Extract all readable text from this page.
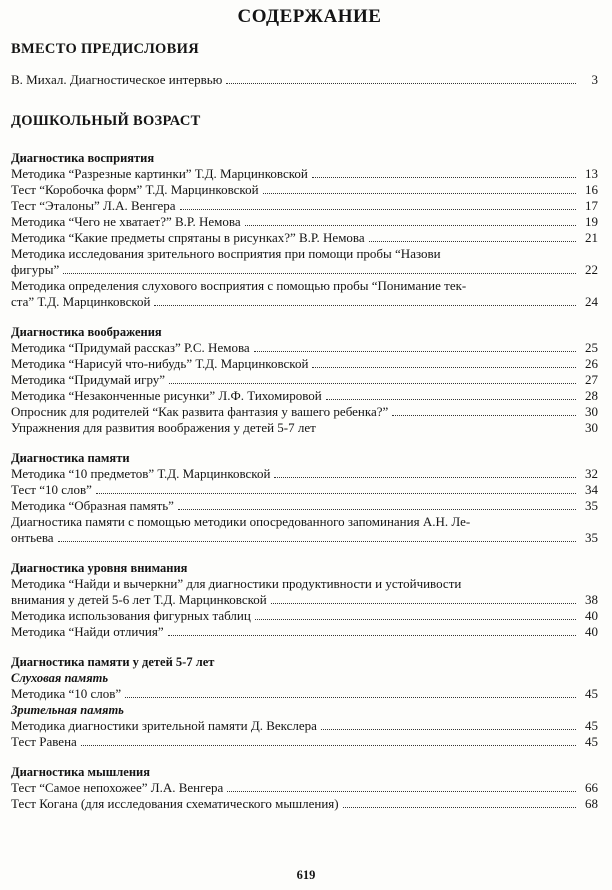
СОДЕРЖАНИЕ
ВМЕСТО ПРЕДИСЛОВИЯ
В. Михал. Диагностическое интервью	3
ДОШКОЛЬНЫЙ ВОЗРАСТ
Диагностика восприятия
Методика “Разрезные картинки” Т.Д. Марцинковской	13
Тест “Коробочка форм” Т.Д. Марцинковской	16
Тест “Эталоны” Л.А. Венгера	17
Методика “Чего не хватает?” В.Р. Немова	19
Методика “Какие предметы спрятаны в рисунках?” В.Р. Немова	21
Методика исследования зрительного восприятия при помощи пробы “Назови
фигуры”	22
Методика определения слухового восприятия с помощью пробы “Понимание тек-
ста” Т.Д. Марцинковской	24
Диагностика воображения
Методика “Придумай рассказ” Р.С. Немова	25
Методика “Нарисуй что-нибудь” Т.Д. Марцинковской	26
Методика “Придумай игру”	27
Методика “Незаконченные рисунки” Л.Ф. Тихомировой	28
Опросник для родителей “Как развита фантазия у вашего ребенка?”	30
Упражнения для развития воображения у детей 5-7 лет	30
Диагностика памяти
Методика “10 предметов” Т.Д. Марцинковской	32
Тест “10 слов”	34
Методика “Образная память”	35
Диагностика памяти с помощью методики опосредованного запоминания А.Н. Ле-
онтьева	35
Диагностика уровня внимания
Методика “Найди и вычеркни” для диагностики продуктивности и устойчивости
внимания у детей 5-6 лет Т.Д. Марцинковской	38
Методика использования фигурных таблиц	40
Методика “Найди отличия”	40
Диагностика памяти у детей 5-7 лет
Слуховая память
Методика “10 слов”	45
Зрительная память
Методика диагностики зрительной памяти Д. Векслера	45
Тест Равена	45
Диагностика мышления
Тест “Самое непохожее” Л.А. Венгера	66
Тест Когана (для исследования схематического мышления)	68
619
